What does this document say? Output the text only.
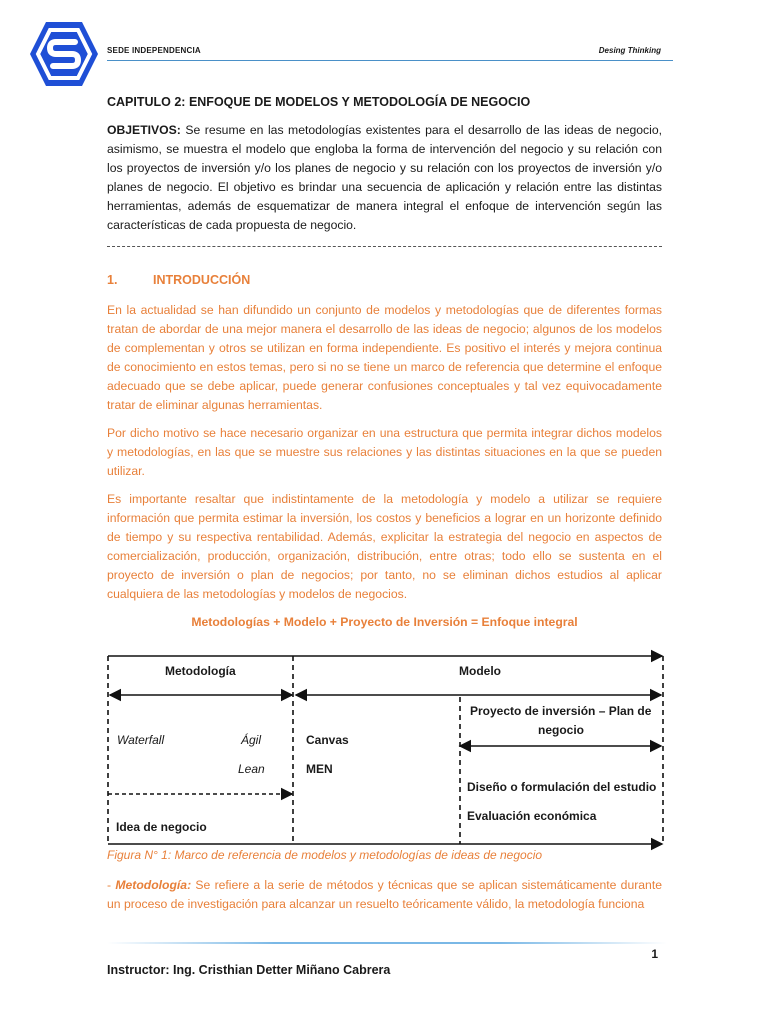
SEDE INDEPENDENCIA	Desing Thinking
CAPITULO 2: ENFOQUE DE MODELOS Y METODOLOGÍA DE NEGOCIO
OBJETIVOS: Se resume en las metodologías existentes para el desarrollo de las ideas de negocio, asimismo, se muestra el modelo que engloba la forma de intervención del negocio y su relación con los proyectos de inversión y/o los planes de negocio y su relación con los proyectos de inversión y/o planes de negocio. El objetivo es brindar una secuencia de aplicación y relación entre las distintas herramientas, además de esquematizar de manera integral el enfoque de intervención según las características de cada propuesta de negocio.
1.	INTRODUCCIÓN
En la actualidad se han difundido un conjunto de modelos y metodologías que de diferentes formas tratan de abordar de una mejor manera el desarrollo de las ideas de negocio; algunos de los modelos de complementan y otros se utilizan en forma independiente. Es positivo el interés y mejora continua de conocimiento en estos temas, pero si no se tiene un marco de referencia que determine el enfoque adecuado que se debe aplicar, puede generar confusiones conceptuales y tal vez equivocadamente tratar de eliminar algunas herramientas.
Por dicho motivo se hace necesario organizar en una estructura que permita integrar dichos modelos y metodologías, en las que se muestre sus relaciones y las distintas situaciones en la que se pueden utilizar.
Es importante resaltar que indistintamente de la metodología y modelo a utilizar se requiere información que permita estimar la inversión, los costos y beneficios a lograr en un horizonte definido de tiempo y su respectiva rentabilidad. Además, explicitar la estrategia del negocio en aspectos de comercialización, producción, organización, distribución, entre otras; todo ello se sustenta en el proyecto de inversión o plan de negocios; por tanto, no se eliminan dichos estudios al aplicar cualquiera de las metodologías y modelos de negocios.
Metodologías + Modelo + Proyecto de Inversión = Enfoque integral
Metodología	Modelo
Waterfall	Ágil
Lean
Idea de negocio
Canvas
MEN
Proyecto de inversión – Plan de
negocio
Diseño o formulación del estudio
Evaluación económica
Figura N° 1: Marco de referencia de modelos y metodologías de ideas de negocio
- Metodología: Se refiere a la serie de métodos y técnicas que se aplican sistemáticamente durante un proceso de investigación para alcanzar un resuelto teóricamente válido, la metodología funciona
1
Instructor: Ing. Cristhian Detter Miñano Cabrera
